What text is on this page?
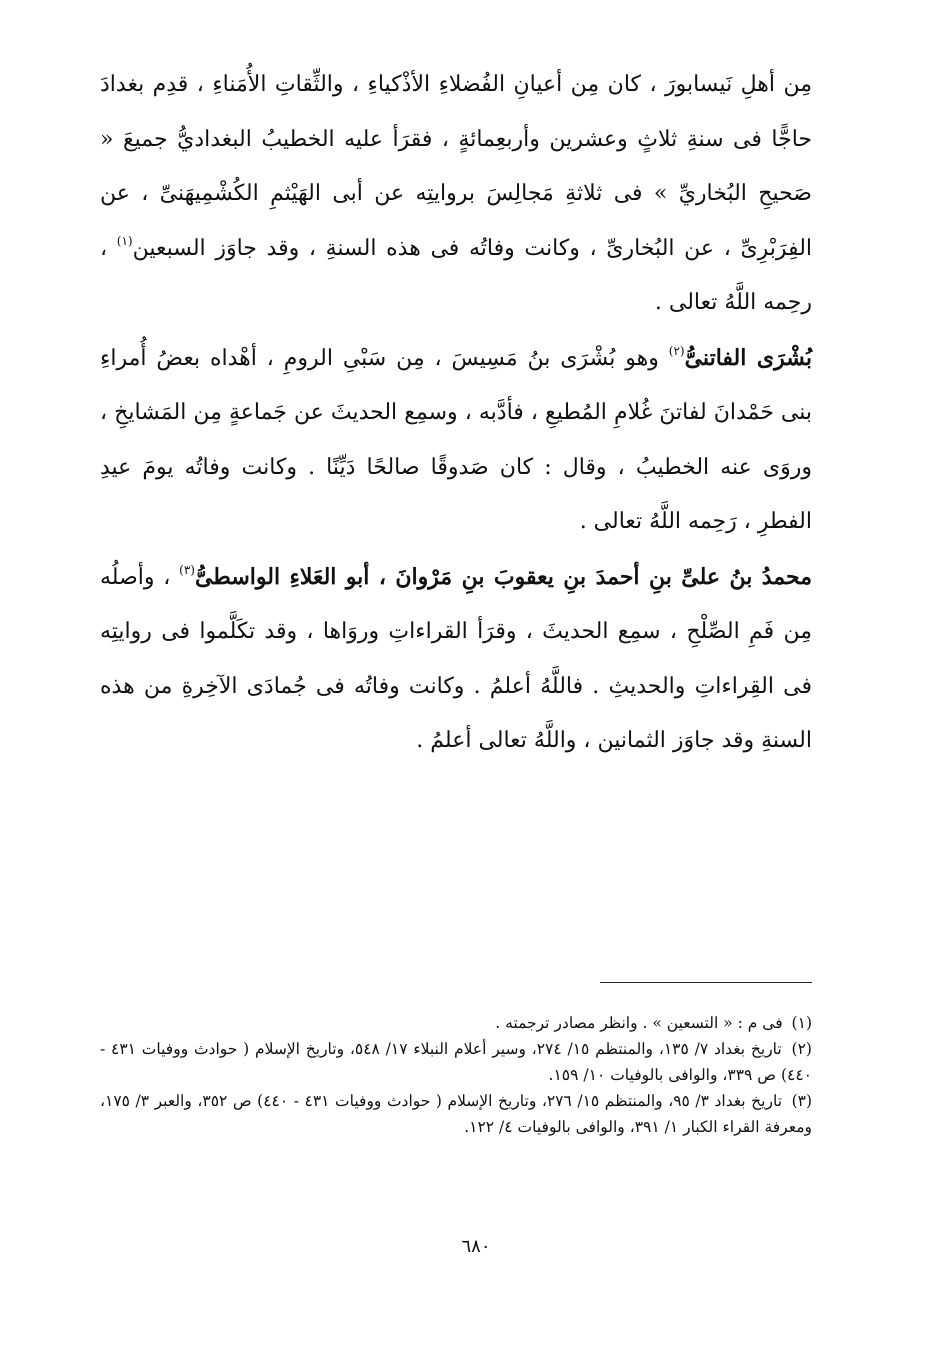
مِن أهلِ نَيسابورَ ، كان مِن أعيانِ الفُضلاءِ الأذْكياءِ ، والثِّقاتِ الأُمَناءِ ، قدِم بغدادَ حاجًّا فى سنةِ ثلاثٍ وعشرين وأربعِمائةٍ ، فقرَأ عليه الخطيبُ البغداديُّ جميعَ « صَحيحِ البُخاريِّ » فى ثلاثةِ مَجالِسَ بروايتِه عن أبى الهَيْثمِ الكُشْمِيهَنىِّ ، عن الفِرَبْرِىِّ ، عن البُخارىِّ ، وكانت وفاتُه فى هذه السنةِ ، وقد جاوَز السبعين$^{(١)}$ ، رحِمه اللَّهُ تعالى .

بُشْرَى الفاتنىُّ$^{(٢)}$ وهو بُشْرَى بنُ مَسِيسَ ، مِن سَبْىِ الرومِ ، أهْداه بعضُ أُمراءِ بنى حَمْدانَ لفاتنَ غُلامِ المُطيعِ ، فأدَّبه ، وسمِع الحديثَ عن جَماعةٍ مِن المَشايخِ ، وروَى عنه الخطيبُ ، وقال : كان صَدوقًا صالحًا دَيِّنًا . وكانت وفاتُه يومَ عيدِ الفطرِ ، رَحِمه اللَّهُ تعالى .

محمدُ بنُ علىِّ بنِ أحمدَ بنِ يعقوبَ بنِ مَرْوانَ ، أبو العَلاءِ الواسطىُّ$^{(٣)}$ ، وأصلُه مِن فَمِ الصِّلْحِ ، سمِع الحديثَ ، وقرَأ القراءاتِ وروَاها ، وقد تكَلَّموا فى روايتِه فى القِراءاتِ والحديثِ . فاللَّهُ أعلمُ . وكانت وفاتُه فى جُمادَى الآخِرةِ من هذه السنةِ وقد جاوَز الثمانين ، واللَّهُ تعالى أعلمُ .

(١) فى م : « التسعين » . وانظر مصادر ترجمته .

(٢) تاريخ بغداد ٧/ ١٣٥، والمنتظم ١٥/ ٢٧٤، وسير أعلام النبلاء ١٧/ ٥٤٨، وتاريخ الإسلام ( حوادث ووفيات ٤٣١ - ٤٤٠) ص ٣٣٩، والوافى بالوفيات ١٠/ ١٥٩.

(٣) تاريخ بغداد ٣/ ٩٥، والمنتظم ١٥/ ٢٧٦، وتاريخ الإسلام ( حوادث ووفيات ٤٣١ - ٤٤٠) ص ٣٥٢، والعبر ٣/ ١٧٥، ومعرفة القراء الكبار ١/ ٣٩١، والوافى بالوفيات ٤/ ١٢٢.

٦٨٠
